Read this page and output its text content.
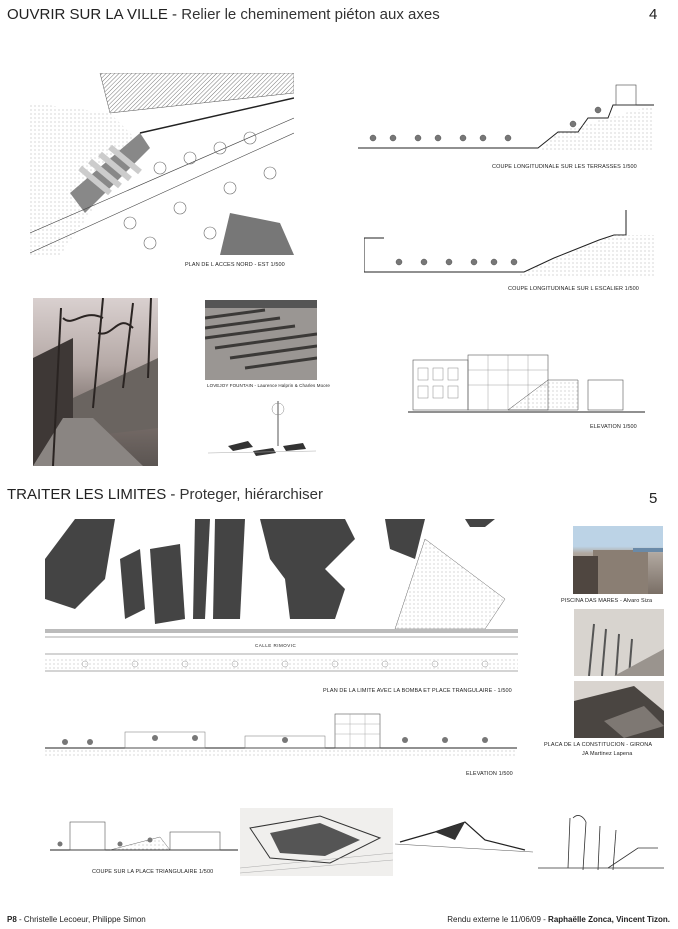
OUVRIR SUR LA VILLE - Relier le cheminement piéton aux axes	4
PLAN DE L ACCES NORD - EST 1/500
COUPE LONGITUDINALE SUR LES TERRASSES 1/500
COUPE LONGITUDINALE SUR L ESCALIER 1/500
LOVEJOY FOUNTAIN - Laurence Halprin & Charles Moore
ELEVATION 1/500
TRAITER LES LIMITES - Proteger, hiérarchiser	5
CALLE RIMOVIC
PLAN DE LA LIMITE AVEC LA BOMBA ET PLACE TRANGULAIRE - 1/500
PISCINA DAS MARES - Alvaro Siza
PLACA DE LA CONSTITUCION - GIRONA
JA Martinez Lapena
ELEVATION 1/500
COUPE SUR LA PLACE TRIANGULAIRE 1/500
P8 - Christelle Lecoeur, Philippe Simon	Rendu externe le 11/06/09 - Raphaëlle Zonca, Vincent Tizon.
